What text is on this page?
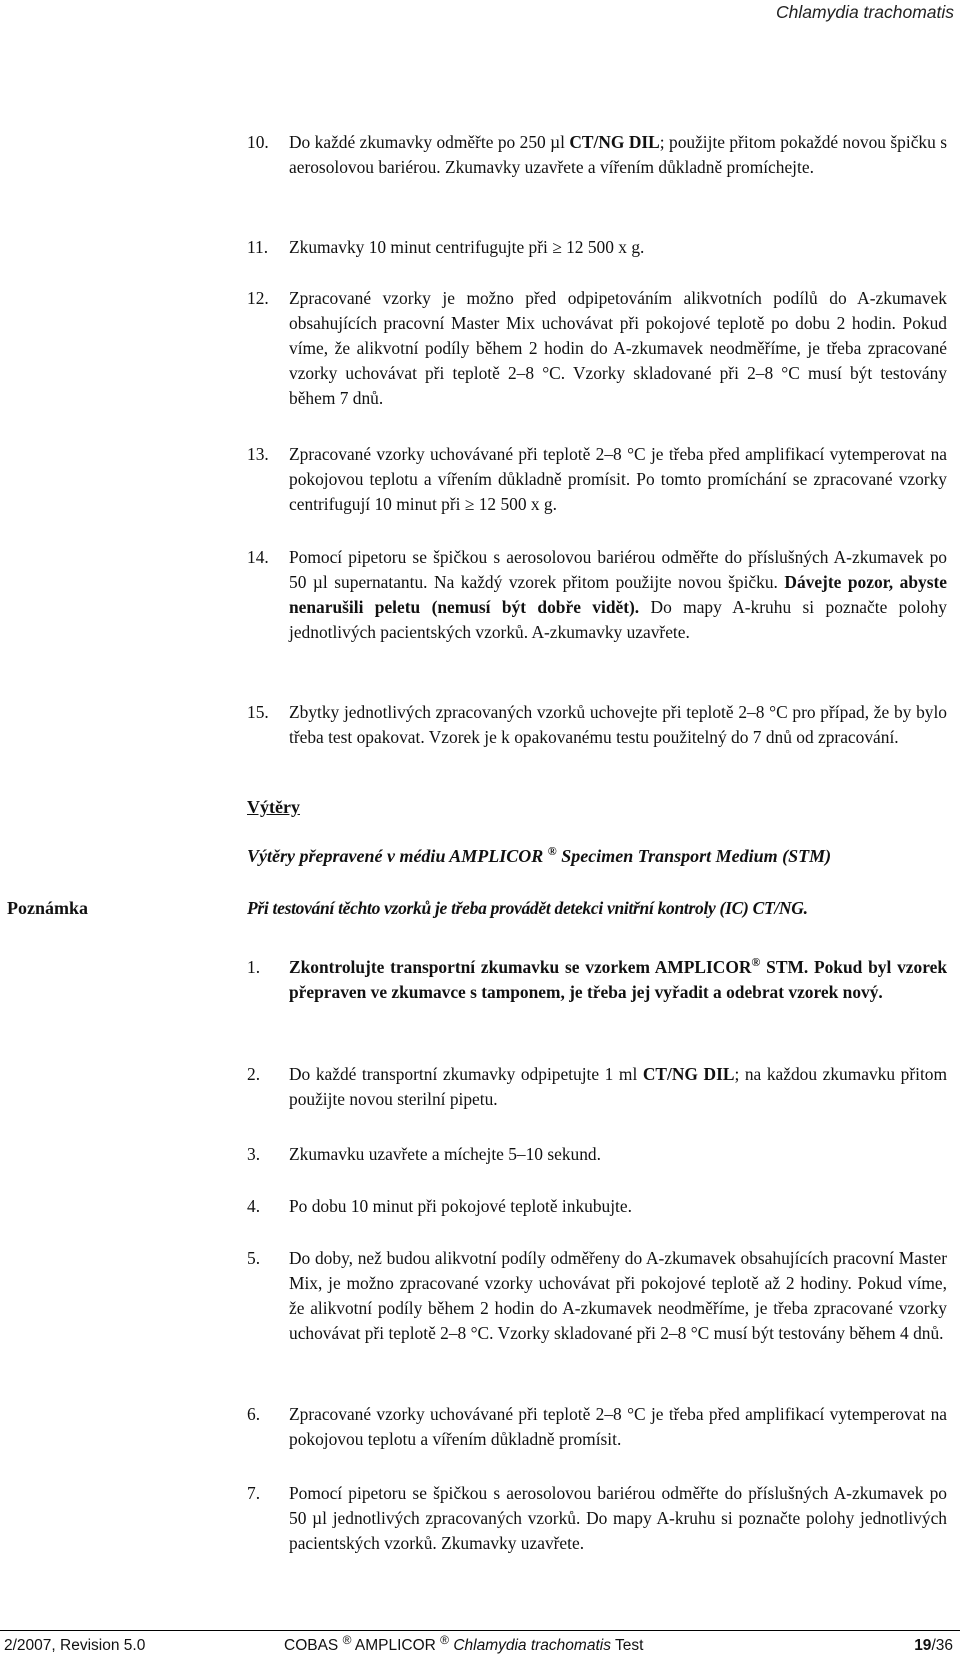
Chlamydia trachomatis
10. Do každé zkumavky odměřte po 250 µl CT/NG DIL; použijte přitom pokaždé novou špičku s aerosolovou bariérou. Zkumavky uzavřete a vířením důkladně promíchejte.
11. Zkumavky 10 minut centrifugujte při ≥ 12 500 x g.
12. Zpracované vzorky je možno před odpipetováním alikvotních podílů do A-zkumavek obsahujících pracovní Master Mix uchovávat při pokojové teplotě po dobu 2 hodin. Pokud víme, že alikvotní podíly během 2 hodin do A-zkumavek neodměříme, je třeba zpracované vzorky uchovávat při teplotě 2–8 °C. Vzorky skladované při 2–8 °C musí být testovány během 7 dnů.
13. Zpracované vzorky uchovávané při teplotě 2–8 °C je třeba před amplifikací vytemperovat na pokojovou teplotu a vířením důkladně promísit. Po tomto promíchání se zpracované vzorky centrifugují 10 minut při ≥ 12 500 x g.
14. Pomocí pipetoru se špičkou s aerosolovou bariérou odměřte do příslušných A-zkumavek po 50 µl supernatantu. Na každý vzorek přitom použijte novou špičku. Dávejte pozor, abyste nenarušili peletu (nemusí být dobře vidět). Do mapy A-kruhu si poznačte polohy jednotlivých pacientských vzorků. A-zkumavky uzavřete.
15. Zbytky jednotlivých zpracovaných vzorků uchovejte při teplotě 2–8 °C pro případ, že by bylo třeba test opakovat. Vzorek je k opakovanému testu použitelný do 7 dnů od zpracování.
Výtěry
Výtěry přepravené v médiu AMPLICOR ® Specimen Transport Medium (STM)
Poznámka	Při testování těchto vzorků je třeba provádět detekci vnitřní kontroly (IC) CT/NG.
1. Zkontrolujte transportní zkumavku se vzorkem AMPLICOR® STM. Pokud byl vzorek přepraven ve zkumavce s tamponem, je třeba jej vyřadit a odebrat vzorek nový.
2. Do každé transportní zkumavky odpipetujte 1 ml CT/NG DIL; na každou zkumavku přitom použijte novou sterilní pipetu.
3. Zkumavku uzavřete a míchejte 5–10 sekund.
4. Po dobu 10 minut při pokojové teplotě inkubujte.
5. Do doby, než budou alikvotní podíly odměřeny do A-zkumavek obsahujících pracovní Master Mix, je možno zpracované vzorky uchovávat při pokojové teplotě až 2 hodiny. Pokud víme, že alikvotní podíly během 2 hodin do A-zkumavek neodměříme, je třeba zpracované vzorky uchovávat při teplotě 2–8 °C. Vzorky skladované při 2–8 °C musí být testovány během 4 dnů.
6. Zpracované vzorky uchovávané při teplotě 2–8 °C je třeba před amplifikací vytemperovat na pokojovou teplotu a vířením důkladně promísit.
7. Pomocí pipetoru se špičkou s aerosolovou bariérou odměřte do příslušných A-zkumavek po 50 µl jednotlivých zpracovaných vzorků. Do mapy A-kruhu si poznačte polohy jednotlivých pacientských vzorků. Zkumavky uzavřete.
2/2007, Revision 5.0	COBAS ® AMPLICOR ® Chlamydia trachomatis Test	19/36
